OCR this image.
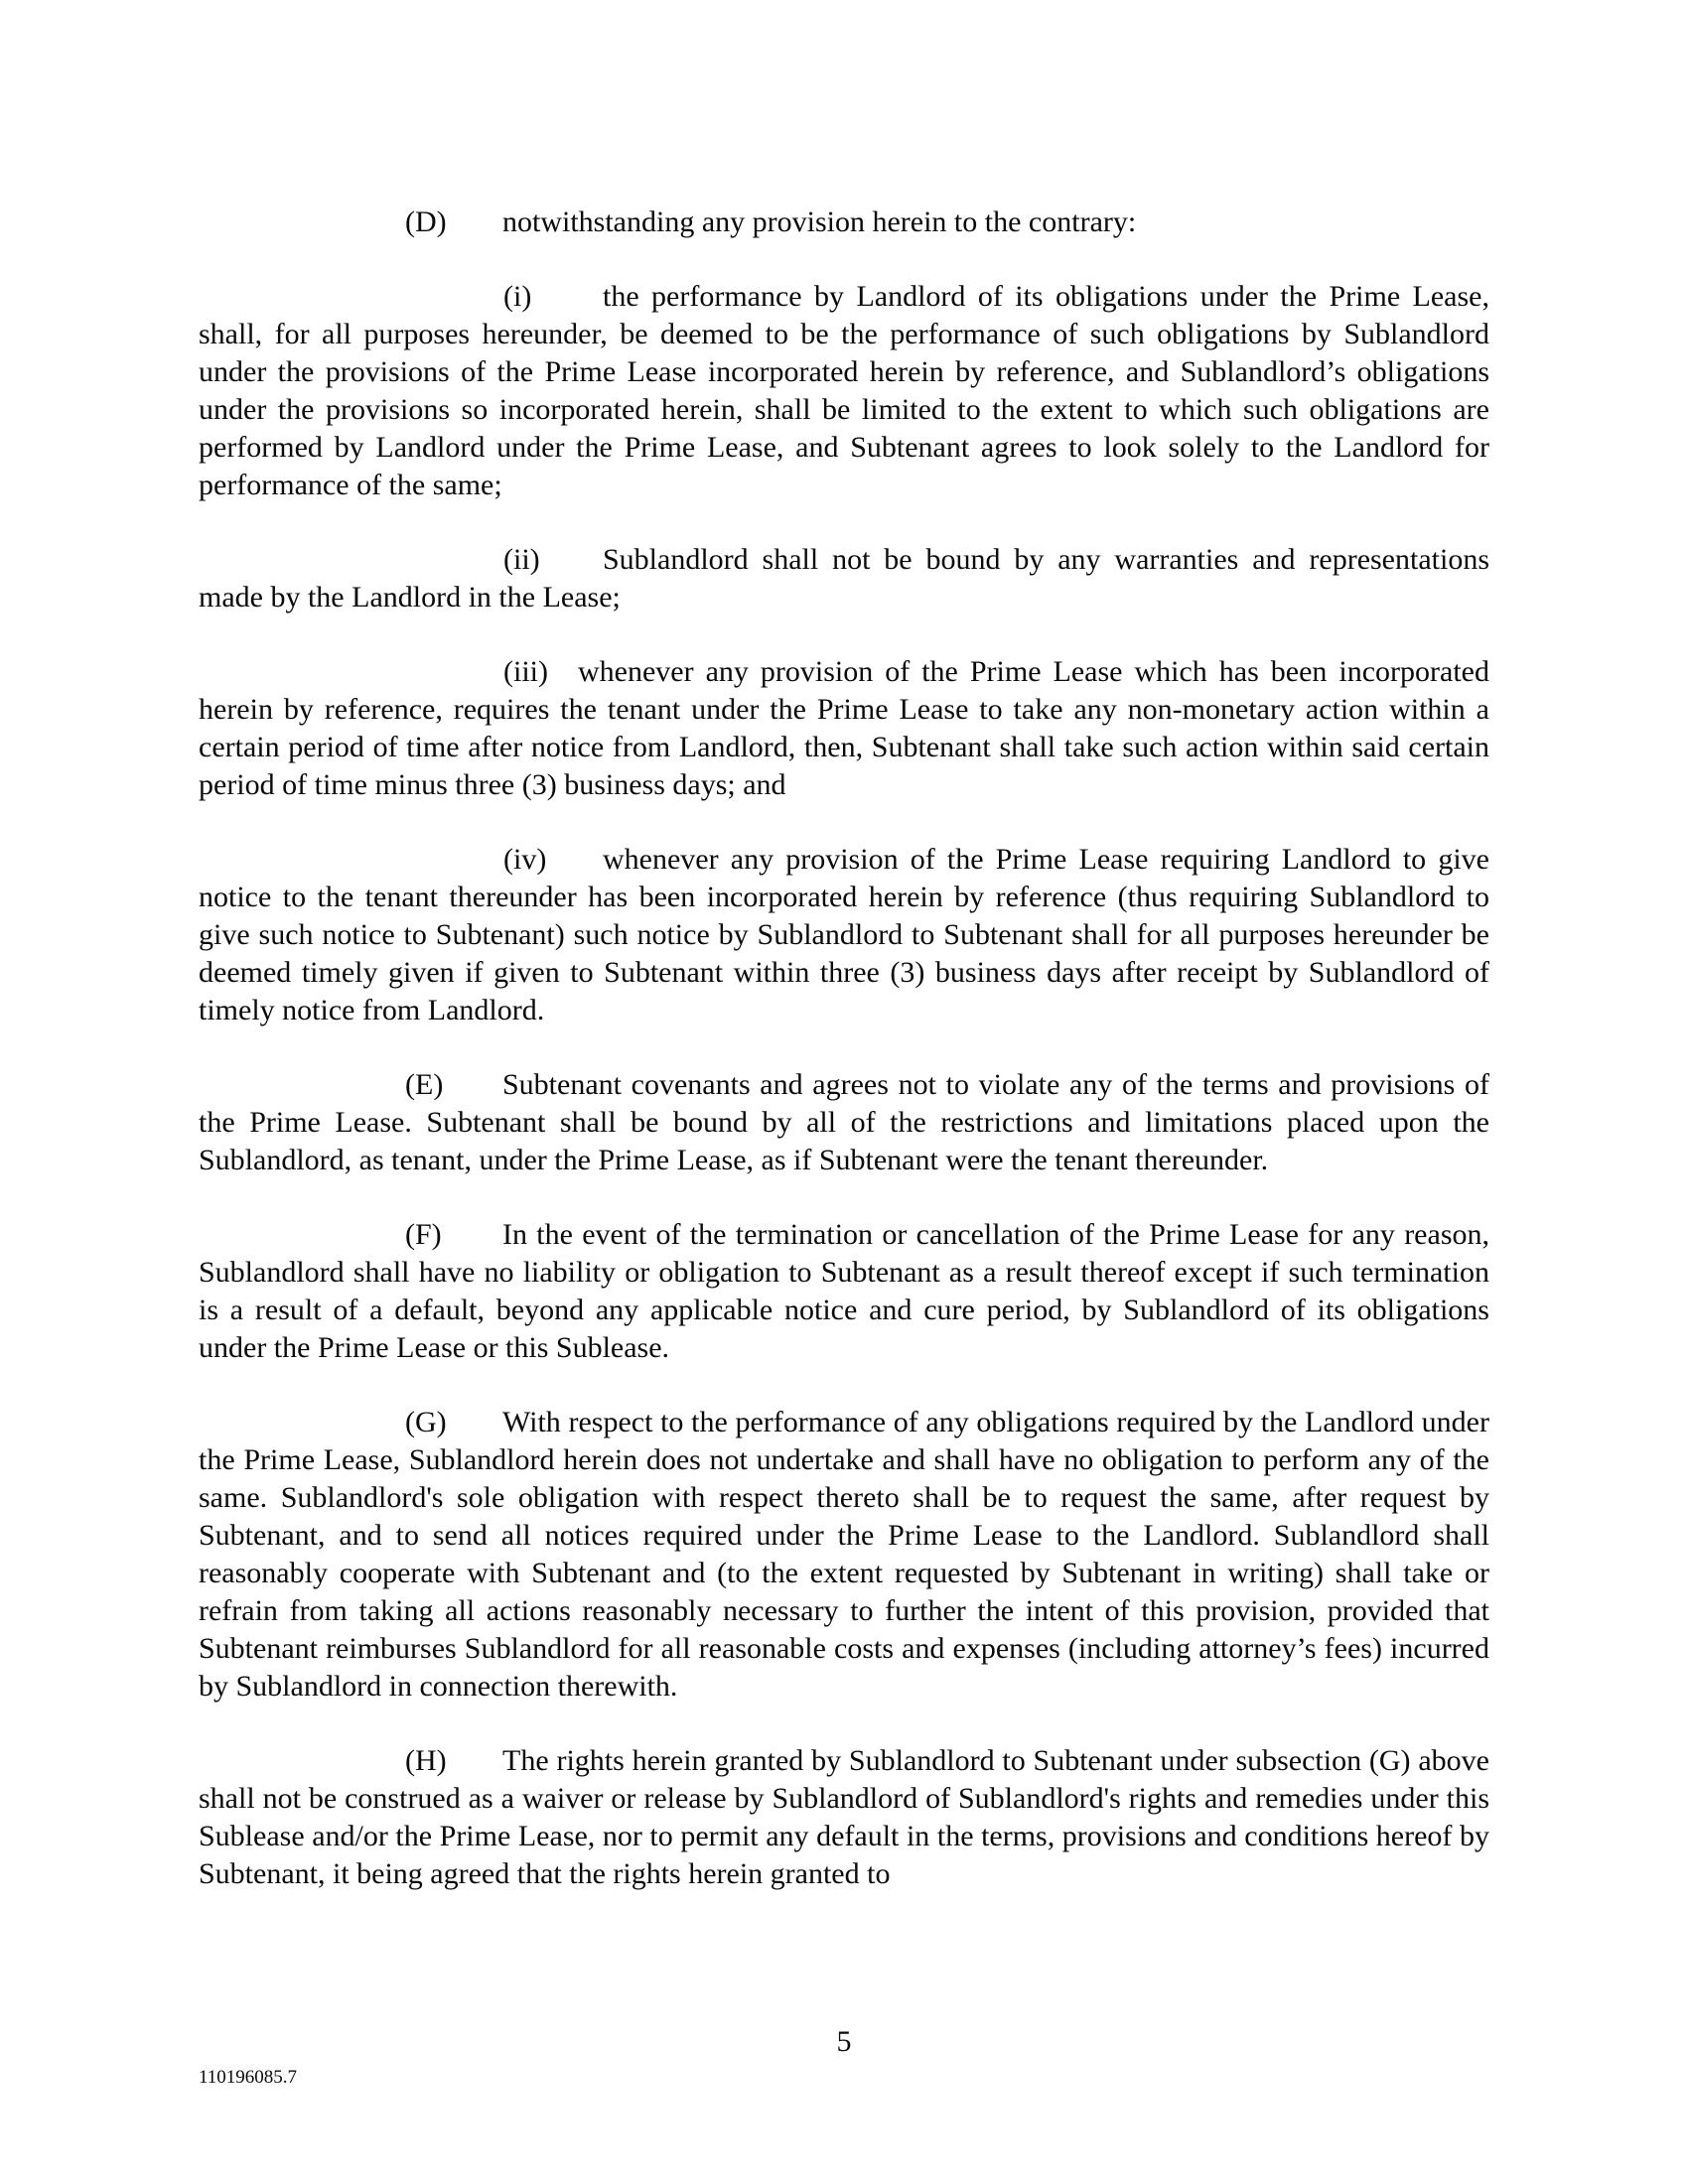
(D) notwithstanding any provision herein to the contrary:

(i) the performance by Landlord of its obligations under the Prime Lease, shall, for all purposes hereunder, be deemed to be the performance of such obligations by Sublandlord under the provisions of the Prime Lease incorporated herein by reference, and Sublandlord’s obligations under the provisions so incorporated herein, shall be limited to the extent to which such obligations are performed by Landlord under the Prime Lease, and Subtenant agrees to look solely to the Landlord for performance of the same;

(ii) Sublandlord shall not be bound by any warranties and representations made by the Landlord in the Lease;

(iii) whenever any provision of the Prime Lease which has been incorporated herein by reference, requires the tenant under the Prime Lease to take any non-monetary action within a certain period of time after notice from Landlord, then, Subtenant shall take such action within said certain period of time minus three (3) business days; and

(iv) whenever any provision of the Prime Lease requiring Landlord to give notice to the tenant thereunder has been incorporated herein by reference (thus requiring Sublandlord to give such notice to Subtenant) such notice by Sublandlord to Subtenant shall for all purposes hereunder be deemed timely given if given to Subtenant within three (3) business days after receipt by Sublandlord of timely notice from Landlord.

(E) Subtenant covenants and agrees not to violate any of the terms and provisions of the Prime Lease. Subtenant shall be bound by all of the restrictions and limitations placed upon the Sublandlord, as tenant, under the Prime Lease, as if Subtenant were the tenant thereunder.

(F) In the event of the termination or cancellation of the Prime Lease for any reason, Sublandlord shall have no liability or obligation to Subtenant as a result thereof except if such termination is a result of a default, beyond any applicable notice and cure period, by Sublandlord of its obligations under the Prime Lease or this Sublease.

(G) With respect to the performance of any obligations required by the Landlord under the Prime Lease, Sublandlord herein does not undertake and shall have no obligation to perform any of the same. Sublandlord's sole obligation with respect thereto shall be to request the same, after request by Subtenant, and to send all notices required under the Prime Lease to the Landlord. Sublandlord shall reasonably cooperate with Subtenant and (to the extent requested by Subtenant in writing) shall take or refrain from taking all actions reasonably necessary to further the intent of this provision, provided that Subtenant reimburses Sublandlord for all reasonable costs and expenses (including attorney’s fees) incurred by Sublandlord in connection therewith.

(H) The rights herein granted by Sublandlord to Subtenant under subsection (G) above shall not be construed as a waiver or release by Sublandlord of Sublandlord's rights and remedies under this Sublease and/or the Prime Lease, nor to permit any default in the terms, provisions and conditions hereof by Subtenant, it being agreed that the rights herein granted to

5
110196085.7
